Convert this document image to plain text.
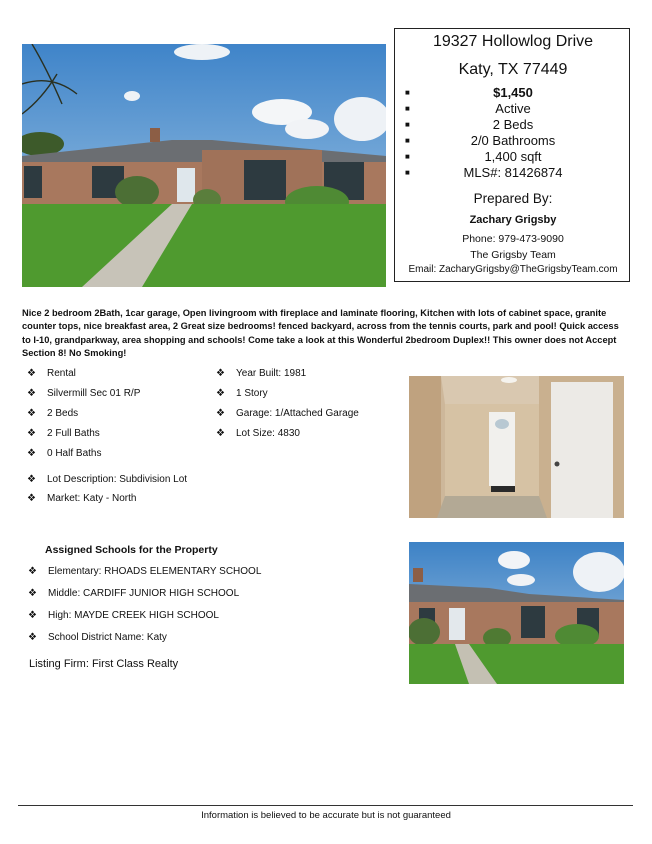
19327 Hollowlog Drive
Katy, TX 77449
■	$1,450
■	Active
■	2 Beds
■	2/0 Bathrooms
■	1,400 sqft
■	MLS#: 81426874
Prepared By:
Zachary Grigsby
Phone: 979-473-9090
The Grigsby Team
Email: ZacharyGrigsby@TheGrigsbyTeam.com
Nice 2 bedroom 2Bath, 1car garage, Open livingroom with fireplace and laminate flooring, Kitchen with lots of cabinet space, granite counter tops, nice breakfast area, 2 Great size bedrooms! fenced backyard, across from the tennis courts, park and pool! Quick access to I-10, grandparkway, area shopping and schools! Come take a look at this Wonderful 2bedroom Duplex!! This owner does not Accept Section 8! No Smoking!
❖ Rental
❖ Silvermill Sec 01 R/P
❖ 2 Beds
❖ 2 Full Baths
❖ 0 Half Baths
❖ Year Built: 1981
❖ 1 Story
❖ Garage: 1/Attached Garage
❖ Lot Size: 4830
❖ Lot Description: Subdivision Lot
❖ Market: Katy - North
Assigned Schools for the Property
❖ Elementary: RHOADS ELEMENTARY SCHOOL
❖ Middle: CARDIFF JUNIOR HIGH SCHOOL
❖ High: MAYDE CREEK HIGH SCHOOL
❖ School District Name: Katy
Listing Firm: First Class Realty
Information is believed to be accurate but is not guaranteed
